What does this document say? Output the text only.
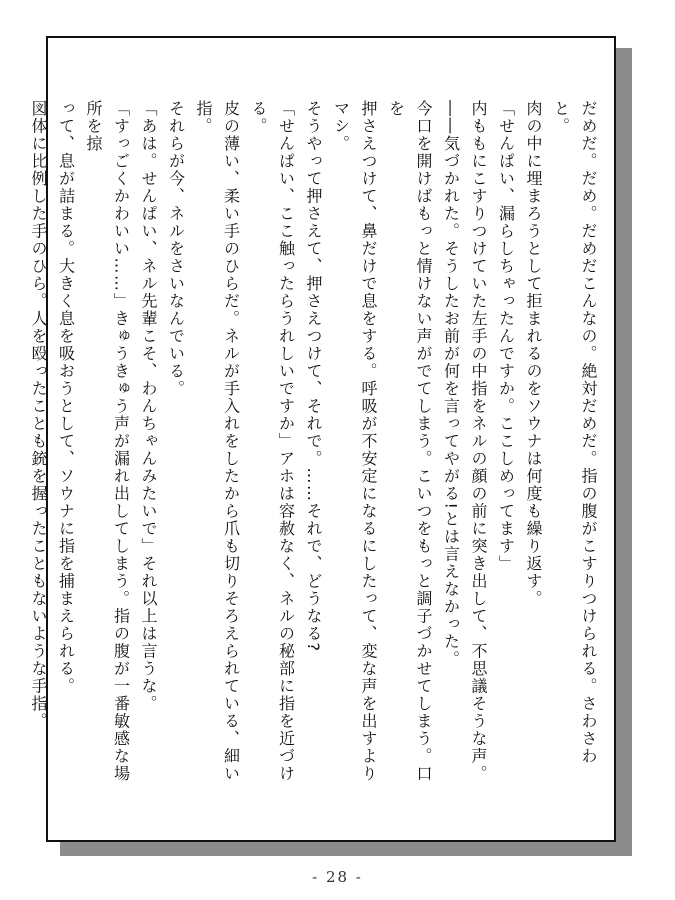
だめだ。だめ。だめだこんなの。絶対だめだ。指の腹がこすりつけられる。さわさわと。

肉の中に埋まろうとして拒まれるのをソウナは何度も繰り返す。

「せんぱい、漏らしちゃったんですか。ここしめってます」

内ももにこすりつけていた左手の中指をネルの顔の前に突き出して、不思議そうな声。

――気づかれた。そうしたお前が何を言ってやがる!とは言えなかった。

今口を開けばもっと情けない声がでてしまう。こいつをもっと調子づかせてしまう。口を

押さえつけて、鼻だけで息をする。呼吸が不安定になるにしたって、変な声を出すよりマシ。

そうやって押さえて、押さえつけて、それで。……それで、どうなる?

「せんぱい、ここ触ったらうれしいですか」アホは容赦なく、ネルの秘部に指を近づける。

皮の薄い、柔い手のひらだ。ネルが手入れをしたから爪も切りそろえられている、細い指。

それらが今、ネルをさいなんでいる。

「あは。せんぱい、ネル先輩こそ、わんちゃんみたいで」それ以上は言うな。

「すっごくかわいい……」きゅうきゅう声が漏れ出してしまう。指の腹が一番敏感な場所を掠

って、息が詰まる。大きく息を吸おうとして、ソウナに指を捕まえられる。

図体に比例した手のひら。人を殴ったことも銃を握ったこともないような手指。

- 28 -
